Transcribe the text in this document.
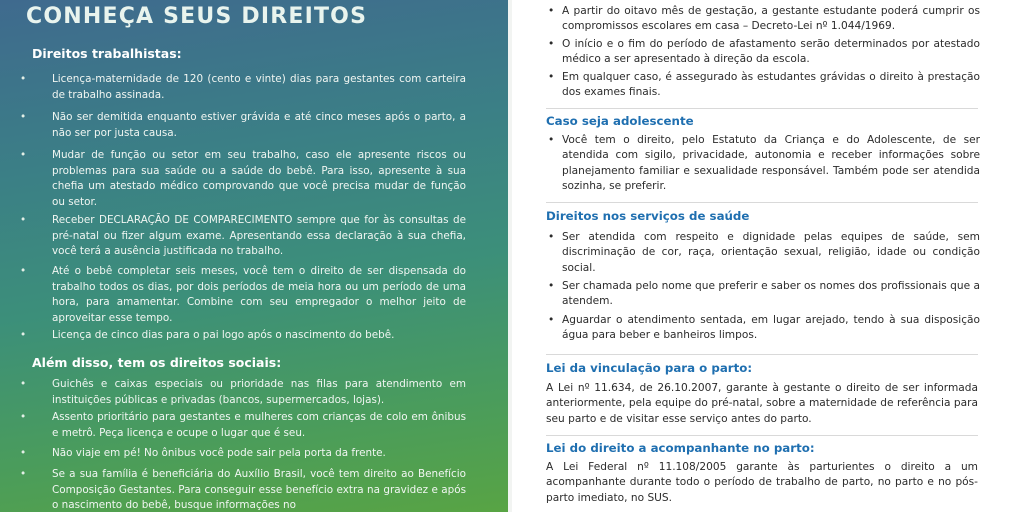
CONHEÇA SEUS DIREITOS
Direitos trabalhistas:
•	Licença-maternidade de 120 (cento e vinte) dias para gestantes com carteira de trabalho assinada.
•	Não ser demitida enquanto estiver grávida e até cinco meses após o parto, a não ser por justa causa.
•	Mudar de função ou setor em seu trabalho, caso ele apresente riscos ou problemas para sua saúde ou a saúde do bebê. Para isso, apresente à sua chefia um atestado médico comprovando que você precisa mudar de função ou setor.
•	Receber DECLARAÇÃO DE COMPARECIMENTO sempre que for às consultas de pré-natal ou fizer algum exame. Apresentando essa declaração à sua chefia, você terá a ausência justificada no trabalho.
•	Até o bebê completar seis meses, você tem o direito de ser dispensada do trabalho todos os dias, por dois períodos de meia hora ou um período de uma hora, para amamentar. Combine com seu empregador o melhor jeito de aproveitar esse tempo.
•	Licença de cinco dias para o pai logo após o nascimento do bebê.
Além disso, tem os direitos sociais:
•	Guichês e caixas especiais ou prioridade nas filas para atendimento em instituições públicas e privadas (bancos, supermercados, lojas).
•	Assento prioritário para gestantes e mulheres com crianças de colo em ônibus e metrô. Peça licença e ocupe o lugar que é seu.
•	Não viaje em pé! No ônibus você pode sair pela porta da frente.
•	Se a sua família é beneficiária do Auxílio Brasil, você tem direito ao Benefício Composição Gestantes. Para conseguir esse benefício extra na gravidez e após o nascimento do bebê, busque informações no
• A partir do oitavo mês de gestação, a gestante estudante poderá cumprir os compromissos escolares em casa – Decreto-Lei nº 1.044/1969.
• O início e o fim do período de afastamento serão determinados por atestado médico a ser apresentado à direção da escola.
• Em qualquer caso, é assegurado às estudantes grávidas o direito à prestação dos exames finais.
Caso seja adolescente
• Você tem o direito, pelo Estatuto da Criança e do Adolescente, de ser atendida com sigilo, privacidade, autonomia e receber informações sobre planejamento familiar e sexualidade responsável. Também pode ser atendida sozinha, se preferir.
Direitos nos serviços de saúde
• Ser atendida com respeito e dignidade pelas equipes de saúde, sem discriminação de cor, raça, orientação sexual, religião, idade ou condição social.
• Ser chamada pelo nome que preferir e saber os nomes dos profissionais que a atendem.
• Aguardar o atendimento sentada, em lugar arejado, tendo à sua disposição água para beber e banheiros limpos.
Lei da vinculação para o parto:
A Lei nº 11.634, de 26.10.2007, garante à gestante o direito de ser informada anteriormente, pela equipe do pré-natal, sobre a maternidade de referência para seu parto e de visitar esse serviço antes do parto.
Lei do direito a acompanhante no parto:
A Lei Federal nº 11.108/2005 garante às parturientes o direito a um acompanhante durante todo o período de trabalho de parto, no parto e no pós-parto imediato, no SUS.
